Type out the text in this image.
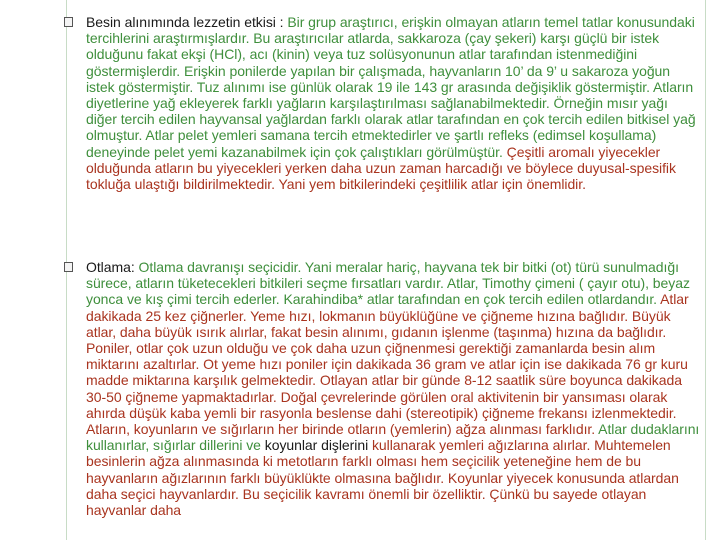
Besin alınımında lezzetin etkisi : Bir grup araştırıcı, erişkin olmayan atların temel tatlar konusundaki tercihlerini araştırmışlardır. Bu araştırıcılar atlarda, sakkaroza (çay şekeri) karşı güçlü bir istek olduğunu fakat ekşi (HCl), acı (kinin) veya tuz solüsyonunun atlar tarafından istenmediğini göstermişlerdir. Erişkin ponilerde yapılan bir çalışmada, hayvanların 10’ da 9’ u sakaroza yoğun istek göstermiştir. Tuz alınımı ise günlük olarak 19 ile 143 gr arasında değişiklik göstermiştir. Atların diyetlerine yağ ekleyerek farklı yağların karşılaştırılması sağlanabilmektedir. Örneğin mısır yağı diğer tercih edilen hayvansal yağlardan farklı olarak atlar tarafından en çok tercih edilen bitkisel yağ olmuştur. Atlar pelet yemleri samana tercih etmektedirler ve şartlı refleks (edimsel koşullama) deneyinde pelet yemi kazanabilmek için çok çalıştıkları görülmüştür. Çeşitli aromalı yiyecekler olduğunda atların bu yiyecekleri yerken daha uzun zaman harcadığı ve böylece duyusal-spesifik tokluğa ulaştığı bildirilmektedir. Yani yem bitkilerindeki çeşitlilik atlar için önemlidir.

Otlama: Otlama davranışı seçicidir. Yani meralar hariç, hayvana tek bir bitki (ot) türü sunulmadığı sürece, atların tüketecekleri bitkileri seçme fırsatları vardır. Atlar, Timothy çimeni ( çayır otu), beyaz yonca ve kış çimi tercih ederler. Karahindiba* atlar tarafından en çok tercih edilen otlardandır. Atlar dakikada 25 kez çiğnerler. Yeme hızı, lokmanın büyüklüğüne ve çiğneme hızına bağlıdır. Büyük atlar, daha büyük ısırık alırlar, fakat besin alınımı, gıdanın işlenme (taşınma) hızına da bağlıdır. Poniler, otlar çok uzun olduğu ve çok daha uzun çiğnenmesi gerektiği zamanlarda besin alım miktarını azaltırlar. Ot yeme hızı poniler için dakikada 36 gram ve atlar için ise dakikada 76 gr kuru madde miktarına karşılık gelmektedir. Otlayan atlar bir günde 8-12 saatlik süre boyunca dakikada 30-50 çiğneme yapmaktadırlar. Doğal çevrelerinde görülen oral aktivitenin bir yansıması olarak ahırda düşük kaba yemli bir rasyonla beslense dahi (stereotipik) çiğneme frekansı izlenmektedir. Atların, koyunların ve sığırların her birinde otların (yemlerin) ağza alınması farklıdır. Atlar dudaklarını kullanırlar, sığırlar dillerini ve koyunlar dişlerini kullanarak yemleri ağızlarına alırlar. Muhtemelen besinlerin ağza alınmasında ki metotların farklı olması hem seçicilik yeteneğine hem de bu hayvanların ağızlarının farklı büyüklükte olmasına bağlıdır. Koyunlar yiyecek konusunda atlardan daha seçici hayvanlardır. Bu seçicilik kavramı önemli bir özelliktir. Çünkü bu sayede otlayan hayvanlar daha
